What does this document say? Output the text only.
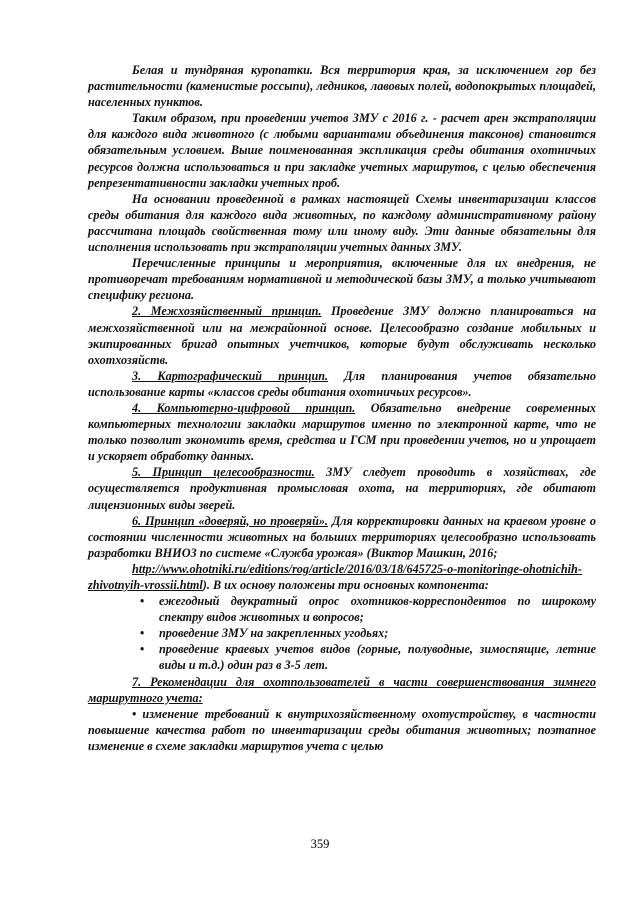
Белая и тундряная куропатки. Вся территория края, за исключением гор без растительности (каменистые россыпи), ледников, лавовых полей, водопокрытых площадей, населенных пунктов.

Таким образом, при проведении учетов ЗМУ с 2016 г. - расчет арен экстраполяции для каждого вида животного (с любыми вариантами объединения таксонов) становится обязательным условием. Выше поименованная экспликация среды обитания охотничьих ресурсов должна использоваться и при закладке учетных маршрутов, с целью обеспечения репрезентативности закладки учетных проб.

На основании проведенной в рамках настоящей Схемы инвентаризации классов среды обитания для каждого вида животных, по каждому административному району рассчитана площадь свойственная тому или иному виду. Эти данные обязательны для исполнения использовать при экстраполяции учетных данных ЗМУ.

Перечисленные принципы и мероприятия, включенные для их внедрения, не противоречат требованиям нормативной и методической базы ЗМУ, а только учитывают специфику региона.

2. Межхозяйственный принцип. Проведение ЗМУ должно планироваться на межхозяйственной или на межрайонной основе. Целесообразно создание мобильных и экипированных бригад опытных учетчиков, которые будут обслуживать несколько охотхозяйств.

3. Картографический принцип. Для планирования учетов обязательно использование карты «классов среды обитания охотничьих ресурсов».

4. Компьютерно-цифровой принцип. Обязательно внедрение современных компьютерных технологии закладки маршрутов именно по электронной карте, что не только позволит экономить время, средства и ГСМ при проведении учетов, но и упрощает и ускоряет обработку данных.

5. Принцип целесообразности. ЗМУ следует проводить в хозяйствах, где осуществляется продуктивная промысловая охота, на территориях, где обитают лицензионных виды зверей.

6. Принцип «доверяй, но проверяй». Для корректировки данных на краевом уровне о состоянии численности животных на больших территориях целесообразно использовать разработки ВНИОЗ по системе «Служба урожая» (Виктор Машкин, 2016;

http://www.ohotniki.ru/editions/rog/article/2016/03/18/645725-o-monitoringe-ohotnichih-zhivotnyih-vrossii.html). В их основу положены три основных компонента:

• ежегодный двукратный опрос охотников-корреспондентов по широкому спектру видов животных и вопросов;
• проведение ЗМУ на закрепленных угодьях;
• проведение краевых учетов видов (горные, полуводные, зимоспящие, летние виды и т.д.) один раз в 3-5 лет.

7. Рекомендации для охотпользователей в части совершенствования зимнего маршрутного учета:

• изменение требований к внутрихозяйственному охотустройству, в частности повышение качества работ по инвентаризации среды обитания животных; поэтапное изменение в схеме закладки маршрутов учета с целью

359
